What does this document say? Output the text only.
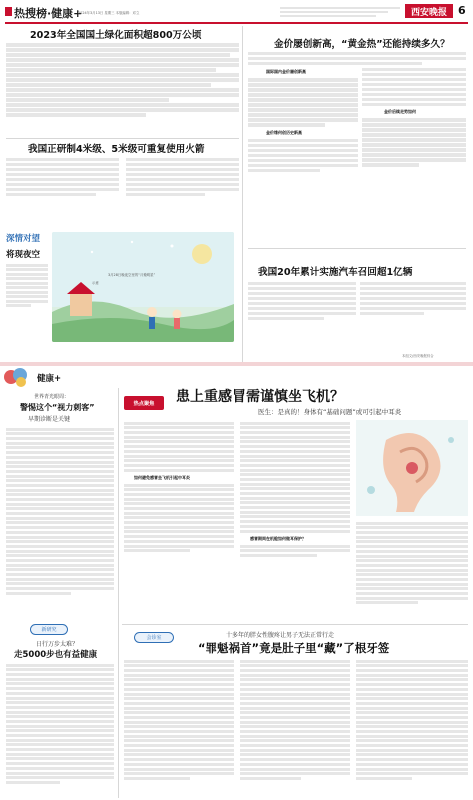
热搜榜·健康+
2024年3月13日 星期三 本版编辑：邓立	西安晚报 6
2023年全国国土绿化面积超800万公顷
我国正研制4米级、5米级可重复使用火箭
深情对望
将现夜空
示意
3月28日晚夜空里的“月掩明星”
金价屡创新高，“黄金热”还能持续多久？
国际国内金价屡创新高
金价缘何创历史新高
金价后续走势如何
我国20年累计实施汽车召回超1亿辆
本组文/西安晚报综合
健康+
世界青光眼周：
警惕这个“视力刺客”
早期诊断是关键
新研究
日行万步太难？
走5000步也有益健康
热点聚焦 患上重感冒需谨慎坐飞机？
医生：是真的！身体有“基础问题”或可引起中耳炎
如何避免感冒坐飞机引起中耳炎
感冒期间在机舱如何做耳保护？
会诊室	十多年的胖女性腹疼让男子无法正常行走
“罪魁祸首”竟是肚子里“藏”了根牙签
